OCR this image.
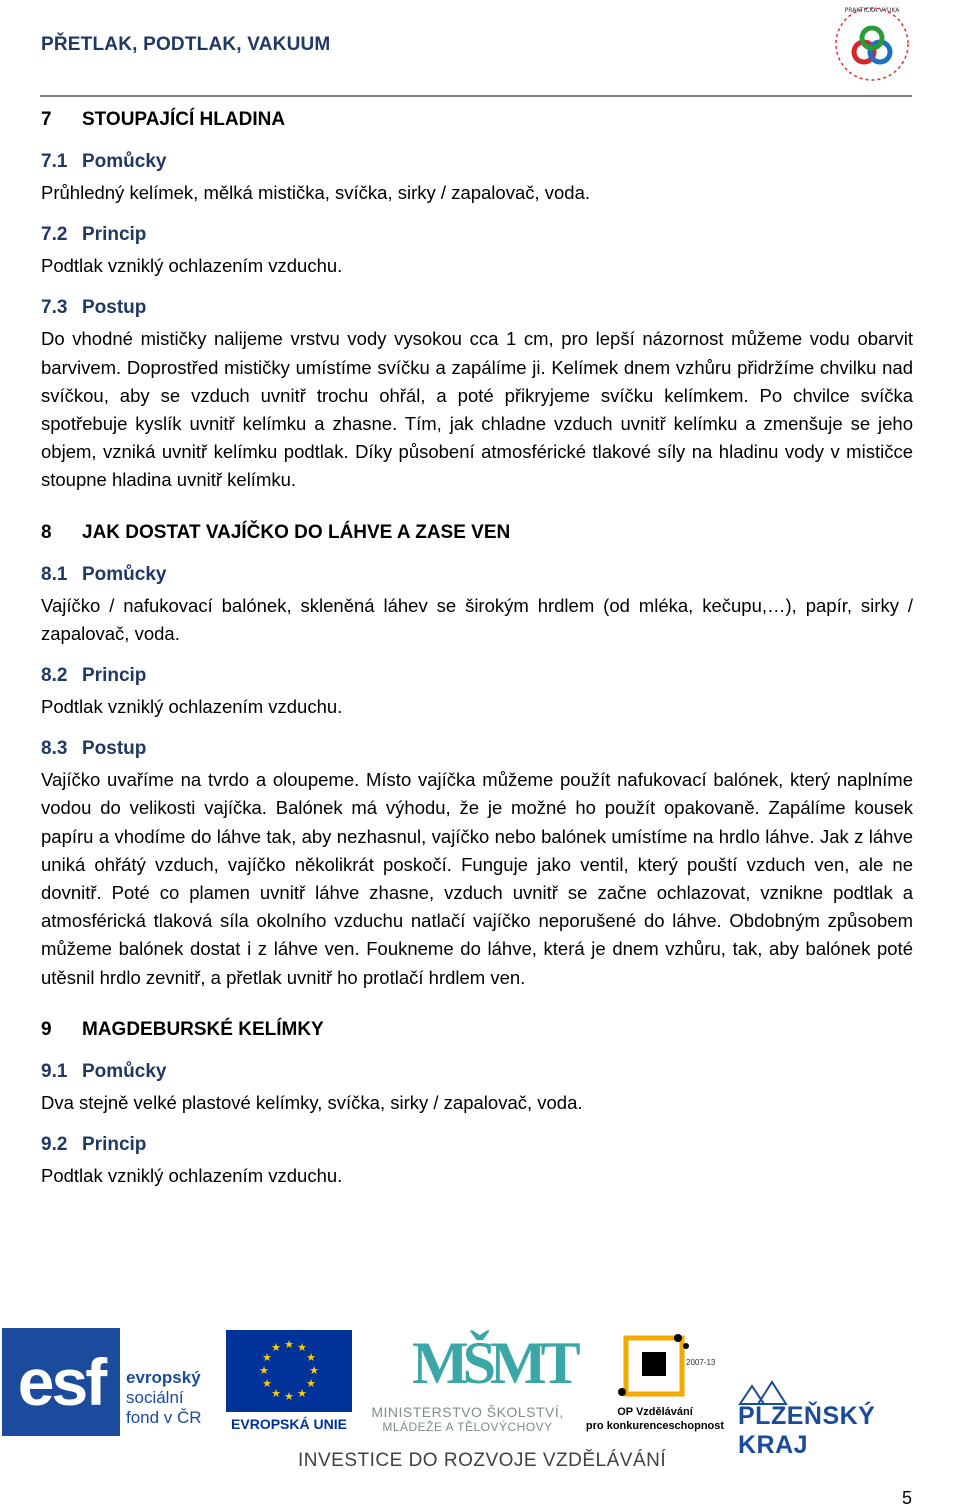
PŘETLAK, PODTLAK, VAKUUM
PRAKTICKÁ VÝUKA
7 STOUPAJÍCÍ HLADINA
7.1 Pomůcky
Průhledný kelímek, mělká mistička, svíčka, sirky / zapalovač, voda.
7.2 Princip
Podtlak vzniklý ochlazením vzduchu.
7.3 Postup
Do vhodné mističky nalijeme vrstvu vody vysokou cca 1 cm, pro lepší názornost můžeme vodu obarvit barvivem. Doprostřed mističky umístíme svíčku a zapálíme ji. Kelímek dnem vzhůru přidržíme chvilku nad svíčkou, aby se vzduch uvnitř trochu ohřál, a poté přikryjeme svíčku kelímkem. Po chvilce svíčka spotřebuje kyslík uvnitř kelímku a zhasne. Tím, jak chladne vzduch uvnitř kelímku a zmenšuje se jeho objem, vzniká uvnitř kelímku podtlak. Díky působení atmosférické tlakové síly na hladinu vody v mističce stoupne hladina uvnitř kelímku.
8 JAK DOSTAT VAJÍČKO DO LÁHVE A ZASE VEN
8.1 Pomůcky
Vajíčko / nafukovací balónek, skleněná láhev se širokým hrdlem (od mléka, kečupu,…), papír, sirky / zapalovač, voda.
8.2 Princip
Podtlak vzniklý ochlazením vzduchu.
8.3 Postup
Vajíčko uvaříme na tvrdo a oloupeme. Místo vajíčka můžeme použít nafukovací balónek, který naplníme vodou do velikosti vajíčka. Balónek má výhodu, že je možné ho použít opakovaně. Zapálíme kousek papíru a vhodíme do láhve tak, aby nezhasnul, vajíčko nebo balónek umístíme na hrdlo láhve. Jak z láhve uniká ohřátý vzduch, vajíčko několikrát poskočí. Funguje jako ventil, který pouští vzduch ven, ale ne dovnitř. Poté co plamen uvnitř láhve zhasne, vzduch uvnitř se začne ochlazovat, vznikne podtlak a atmosférická tlaková síla okolního vzduchu natlačí vajíčko neporušené do láhve. Obdobným způsobem můžeme balónek dostat i z láhve ven. Foukneme do láhve, která je dnem vzhůru, tak, aby balónek poté utěsnil hrdlo zevnitř, a přetlak uvnitř ho protlačí hrdlem ven.
9 MAGDEBURSKÉ KELÍMKY
9.1 Pomůcky
Dva stejně velké plastové kelímky, svíčka, sirky / zapalovač, voda.
9.2 Princip
Podtlak vzniklý ochlazením vzduchu.
esf	evropský
sociální
fond v ČR
★ ★
★
★
★
★
★
★
★
★
★
★
EVROPSKÁ UNIE
MŠMT
MINISTERSTVO ŠKOLSTVÍ,
MLÁDEŽE A TĚLOVÝCHOVY
2007-13
OP Vzdělávání
pro konkurenceschopnost PLZEŇSKÝ KRAJ
INVESTICE DO ROZVOJE VZDĚLÁVÁNÍ
5
